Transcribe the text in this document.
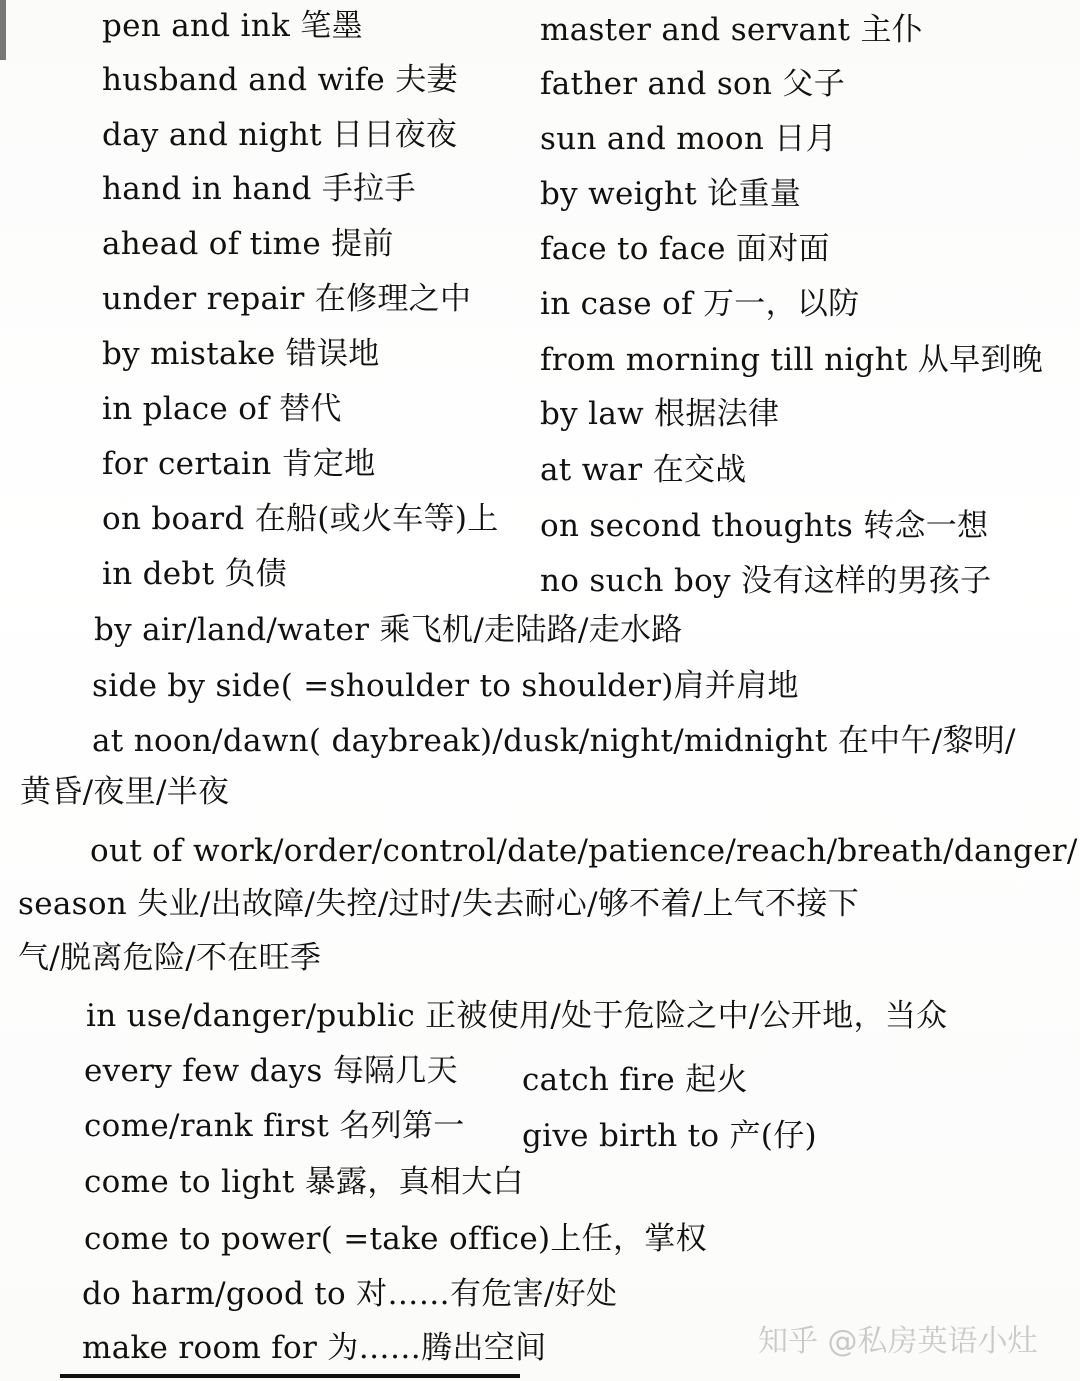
pen and ink 笔墨	master and servant 主仆
husband and wife 夫妻	father and son 父子
day and night 日日夜夜	sun and moon 日月
hand in hand 手拉手	by weight 论重量
ahead of time 提前	face to face 面对面
under repair 在修理之中 in case of 万一，以防
by mistake 错误地	from morning till night 从早到晚
in place of 替代	by law 根据法律
for certain 肯定地	at war 在交战
on board 在船(或火车等)上 on second thoughts 转念一想
in debt 负债	no such boy 没有这样的男孩子
by air/land/water 乘飞机/走陆路/走水路
side by side( =shoulder to shoulder)肩并肩地
at noon/dawn( daybreak)/dusk/night/midnight 在中午/黎明/
黄昏/夜里/半夜
out of work/order/control/date/patience/reach/breath/danger/
season 失业/出故障/失控/过时/失去耐心/够不着/上气不接下
气/脱离危险/不在旺季
in use/danger/public 正被使用/处于危险之中/公开地，当众
every few days 每隔几天 catch fire 起火
come/rank first 名列第一 give birth to 产(仔)
come to light 暴露，真相大白
come to power( =take office)上任，掌权
do harm/good to 对……有危害/好处
make room for 为……腾出空间	知乎 @私房英语小灶
